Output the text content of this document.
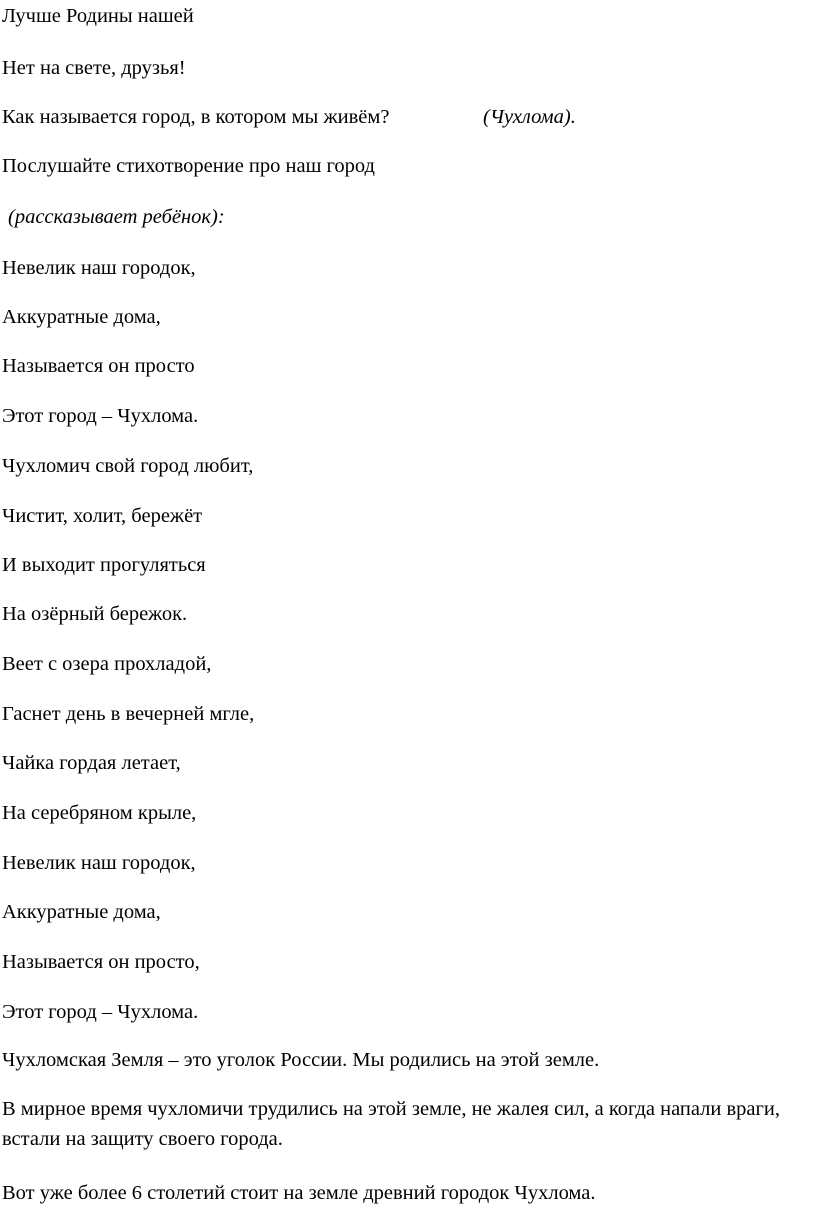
Лучше Родины нашей
Нет на свете, друзья!
Как называется город, в котором мы живём?	(Чухлома).
Послушайте стихотворение про наш город
(рассказывает ребёнок):
Невелик наш городок,
Аккуратные дома,
Называется он просто
Этот город – Чухлома.
Чухломич свой город любит,
Чистит, холит, бережёт
И выходит прогуляться
На озёрный бережок.
Веет с озера прохладой,
Гаснет день в вечерней мгле,
Чайка гордая летает,
На серебряном крыле,
Невелик наш городок,
Аккуратные дома,
Называется он просто,
Этот город – Чухлома.
Чухломская Земля – это уголок России. Мы родились на этой земле.
В мирное время чухломичи трудились на этой земле, не жалея сил, а когда напали враги, встали на защиту своего города.
Вот уже более 6 столетий стоит на земле древний городок Чухлома.
